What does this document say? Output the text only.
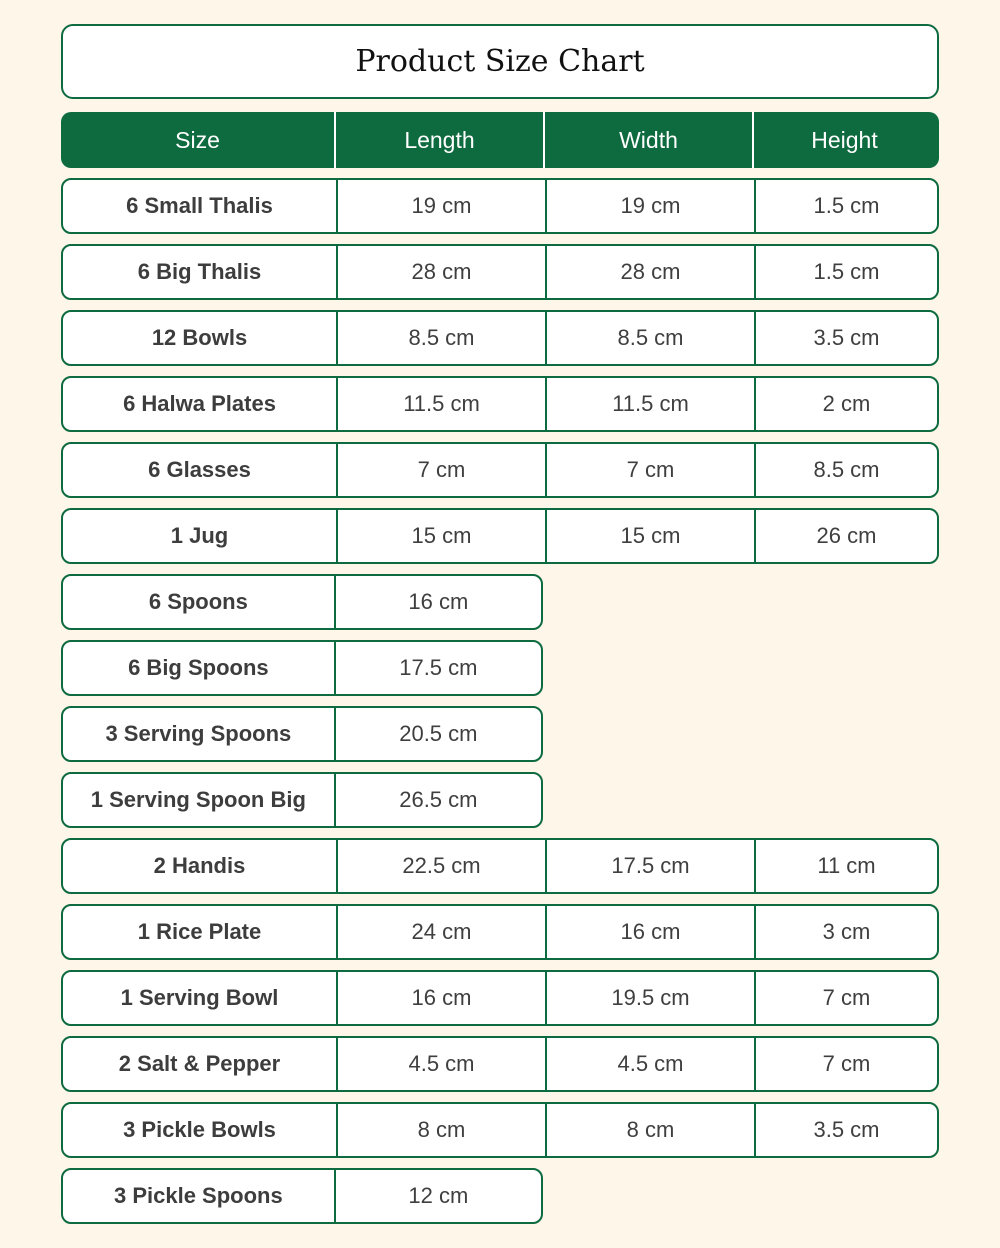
Product Size Chart
Size	Length	Width	Height
6 Small Thalis	19 cm	19 cm	1.5 cm
6 Big Thalis	28 cm	28 cm	1.5 cm
12 Bowls	8.5 cm	8.5 cm	3.5 cm
6 Halwa Plates	11.5 cm	11.5 cm	2 cm
6 Glasses	7 cm	7 cm	8.5 cm
1 Jug	15 cm	15 cm	26 cm
6 Spoons	16 cm
6 Big Spoons	17.5 cm
3 Serving Spoons	20.5 cm
1 Serving Spoon Big	26.5 cm
2 Handis	22.5 cm	17.5 cm	11 cm
1 Rice Plate	24 cm	16 cm	3 cm
1 Serving Bowl	16 cm	19.5 cm	7 cm
2 Salt & Pepper	4.5 cm	4.5 cm	7 cm
3 Pickle Bowls	8 cm	8 cm	3.5 cm
3 Pickle Spoons	12 cm
